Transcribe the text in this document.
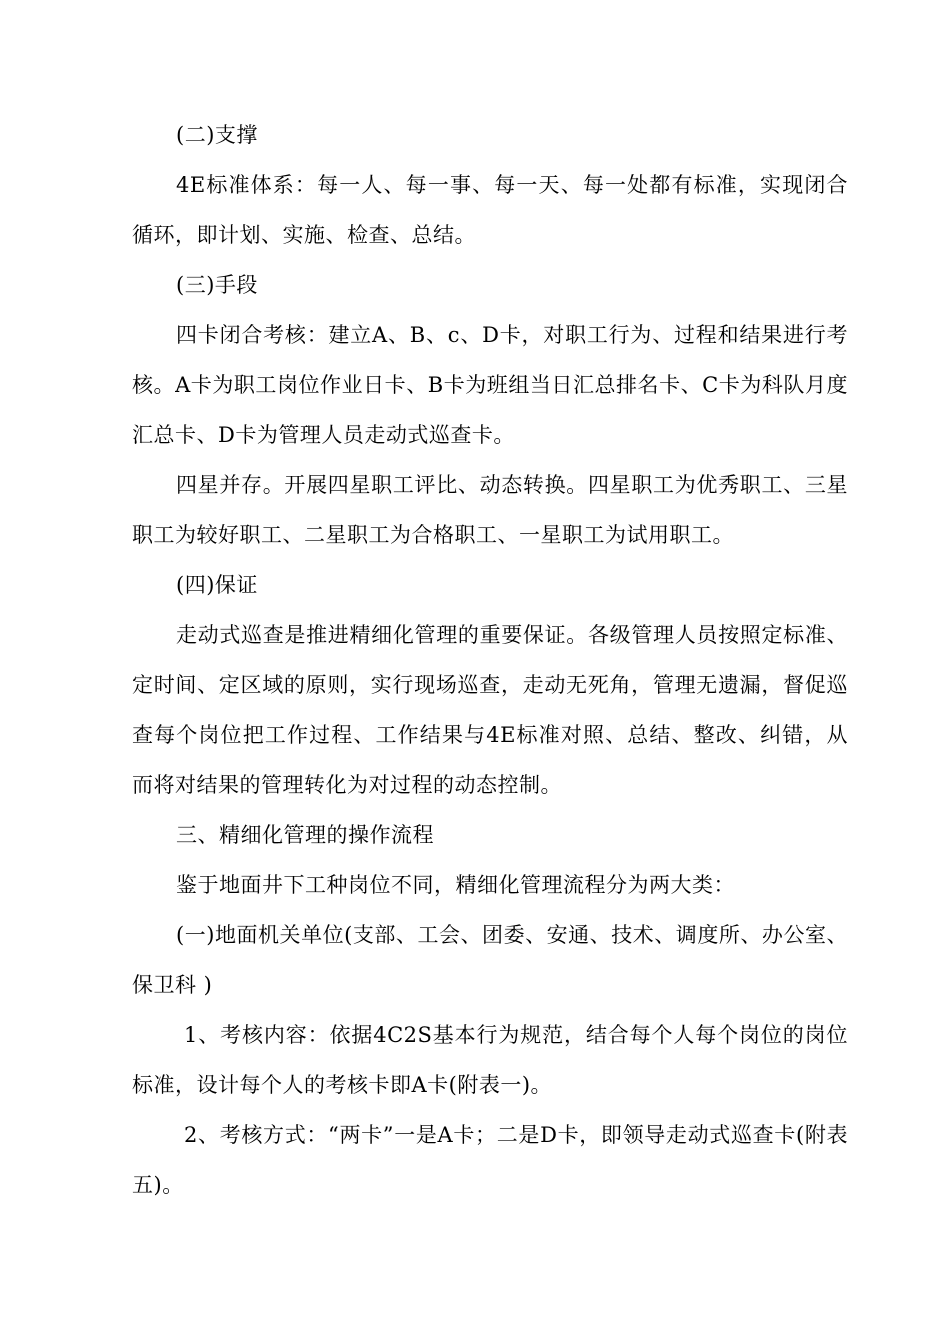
(二)支撑

4E标准体系：每一人、每一事、每一天、每一处都有标准，实现闭合循环，即计划、实施、检查、总结。

(三)手段

四卡闭合考核：建立A、B、c、D卡，对职工行为、过程和结果进行考核。A卡为职工岗位作业日卡、B卡为班组当日汇总排名卡、C卡为科队月度汇总卡、D卡为管理人员走动式巡查卡。

四星并存。开展四星职工评比、动态转换。四星职工为优秀职工、三星职工为较好职工、二星职工为合格职工、一星职工为试用职工。

(四)保证

走动式巡查是推进精细化管理的重要保证。各级管理人员按照定标准、定时间、定区域的原则，实行现场巡查，走动无死角，管理无遗漏，督促巡查每个岗位把工作过程、工作结果与4E标准对照、总结、整改、纠错，从而将对结果的管理转化为对过程的动态控制。

三、精细化管理的操作流程

鉴于地面井下工种岗位不同，精细化管理流程分为两大类：

(一)地面机关单位(支部、工会、团委、安通、技术、调度所、办公室、保卫科 )

1、考核内容：依据4C2S基本行为规范，结合每个人每个岗位的岗位标准，设计每个人的考核卡即A卡(附表一)。

2、考核方式：“两卡”一是A卡；二是D卡，即领导走动式巡查卡(附表五)。
